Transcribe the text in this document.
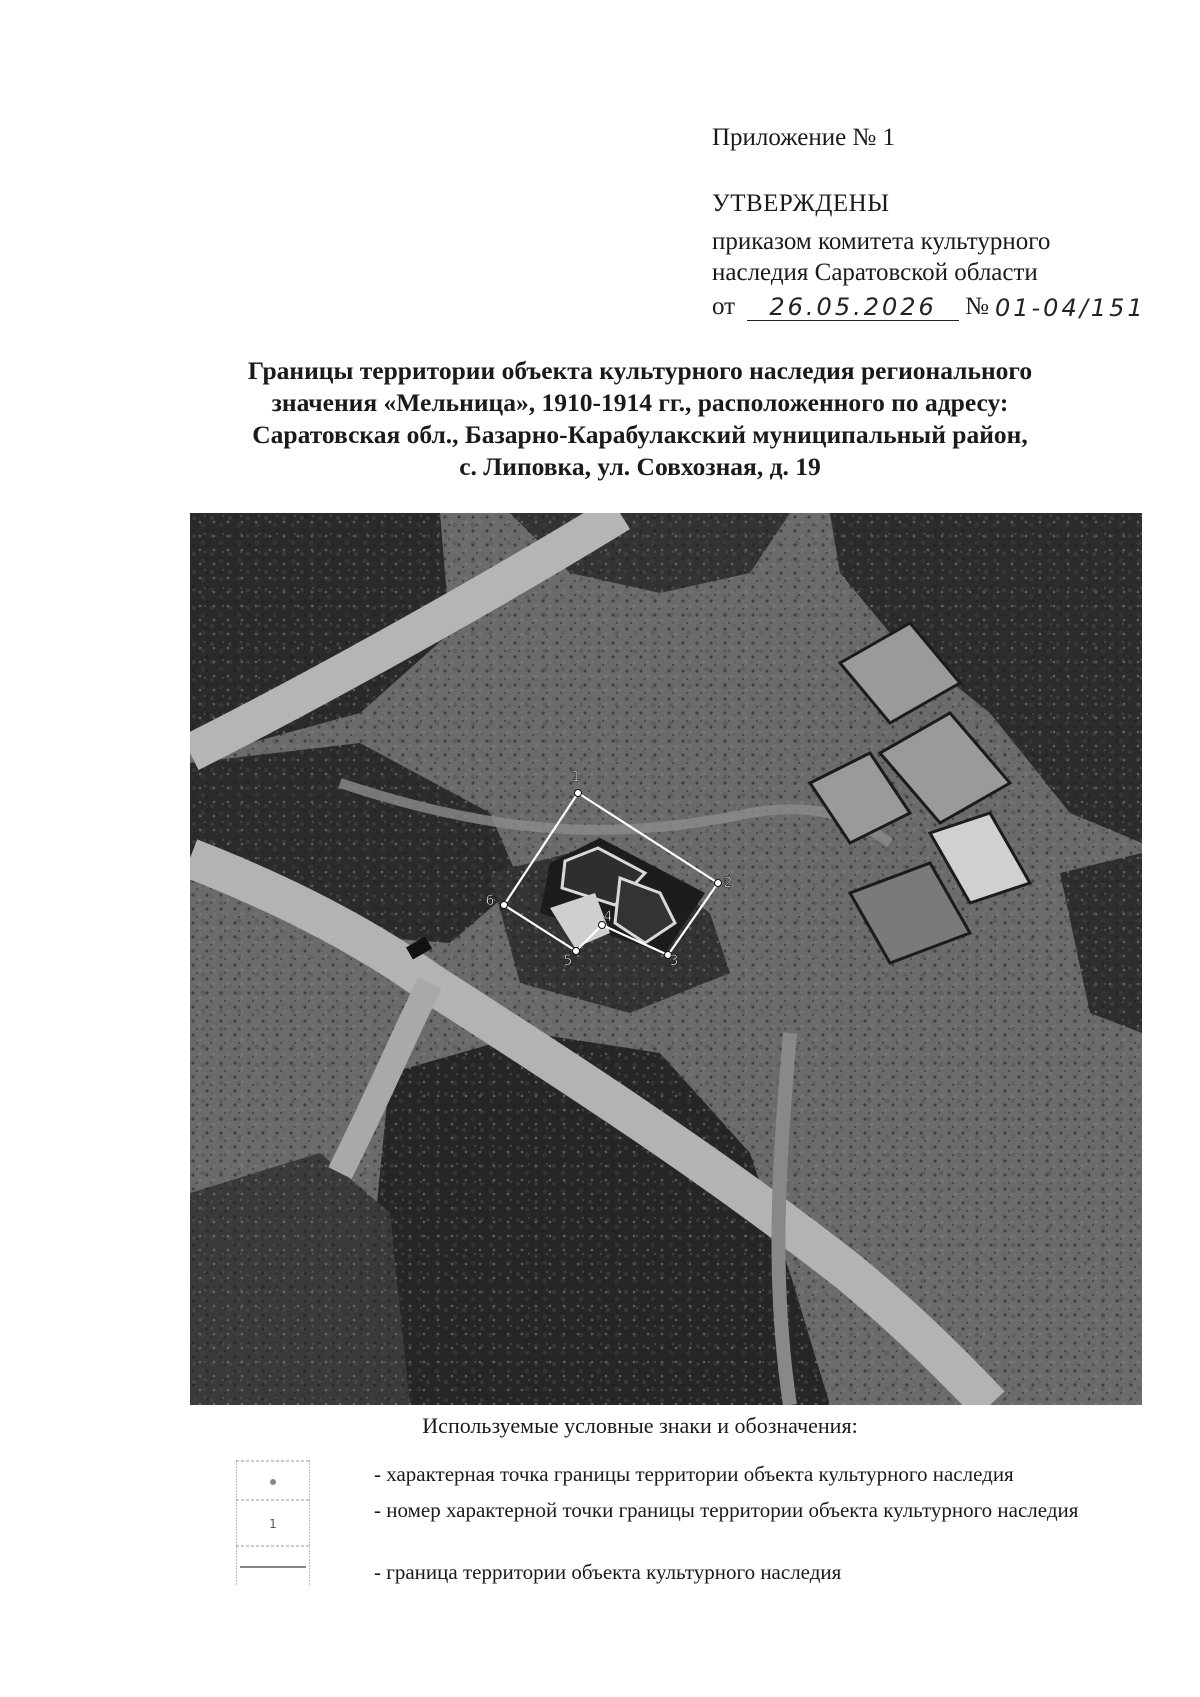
Приложение № 1
УТВЕРЖДЕНЫ
приказом комитета культурного
наследия Саратовской области
от	26.05.2026	№ 01-04/151
Границы территории объекта культурного наследия регионального
значения «Мельница», 1910-1914 гг., расположенного по адресу:
Саратовская обл., Базарно-Карабулакский муниципальный район,
с. Липовка, ул. Совхозная, д. 19
1
2
3
4
5
6
Используемые условные знаки и обозначения:
1
- характерная точка границы территории объекта культурного наследия
- номер характерной точки границы территории объекта культурного наследия
- граница территории объекта культурного наследия
